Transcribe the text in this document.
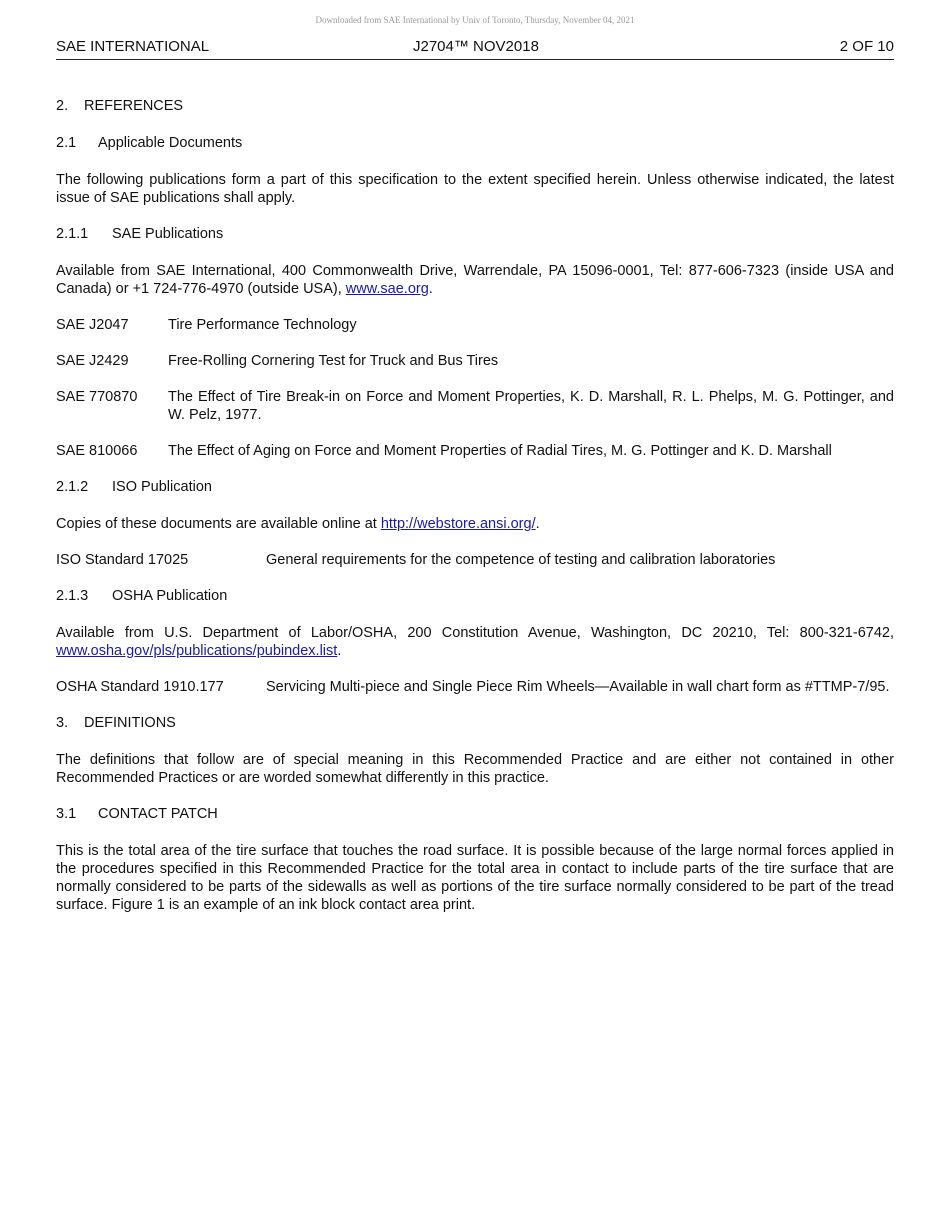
Downloaded from SAE International by Univ of Toronto, Thursday, November 04, 2021
SAE INTERNATIONAL	J2704™ NOV2018	2 OF 10
2. REFERENCES
2.1 Applicable Documents

The following publications form a part of this specification to the extent specified herein. Unless otherwise indicated, the latest issue of SAE publications shall apply.

2.1.1 SAE Publications

Available from SAE International, 400 Commonwealth Drive, Warrendale, PA 15096-0001, Tel: 877-606-7323 (inside USA and Canada) or +1 724-776-4970 (outside USA), www.sae.org.

SAE J2047	Tire Performance Technology
SAE J2429	Free-Rolling Cornering Test for Truck and Bus Tires
SAE 770870	The Effect of Tire Break-in on Force and Moment Properties, K. D. Marshall, R. L. Phelps, M. G. Pottinger, and W. Pelz, 1977.
SAE 810066	The Effect of Aging on Force and Moment Properties of Radial Tires, M. G. Pottinger and K. D. Marshall
2.1.2 ISO Publication

Copies of these documents are available online at http://webstore.ansi.org/.

ISO Standard 17025	General requirements for the competence of testing and calibration laboratories
2.1.3 OSHA Publication

Available from U.S. Department of Labor/OSHA, 200 Constitution Avenue, Washington, DC 20210, Tel: 800-321-6742, www.osha.gov/pls/publications/pubindex.list.

OSHA Standard 1910.177	Servicing Multi-piece and Single Piece Rim Wheels—Available in wall chart form as #TTMP-7/95.
3. DEFINITIONS

The definitions that follow are of special meaning in this Recommended Practice and are either not contained in other Recommended Practices or are worded somewhat differently in this practice.

3.1 CONTACT PATCH

This is the total area of the tire surface that touches the road surface. It is possible because of the large normal forces applied in the procedures specified in this Recommended Practice for the total area in contact to include parts of the tire surface that are normally considered to be parts of the sidewalls as well as portions of the tire surface normally considered to be part of the tread surface. Figure 1 is an example of an ink block contact area print.
